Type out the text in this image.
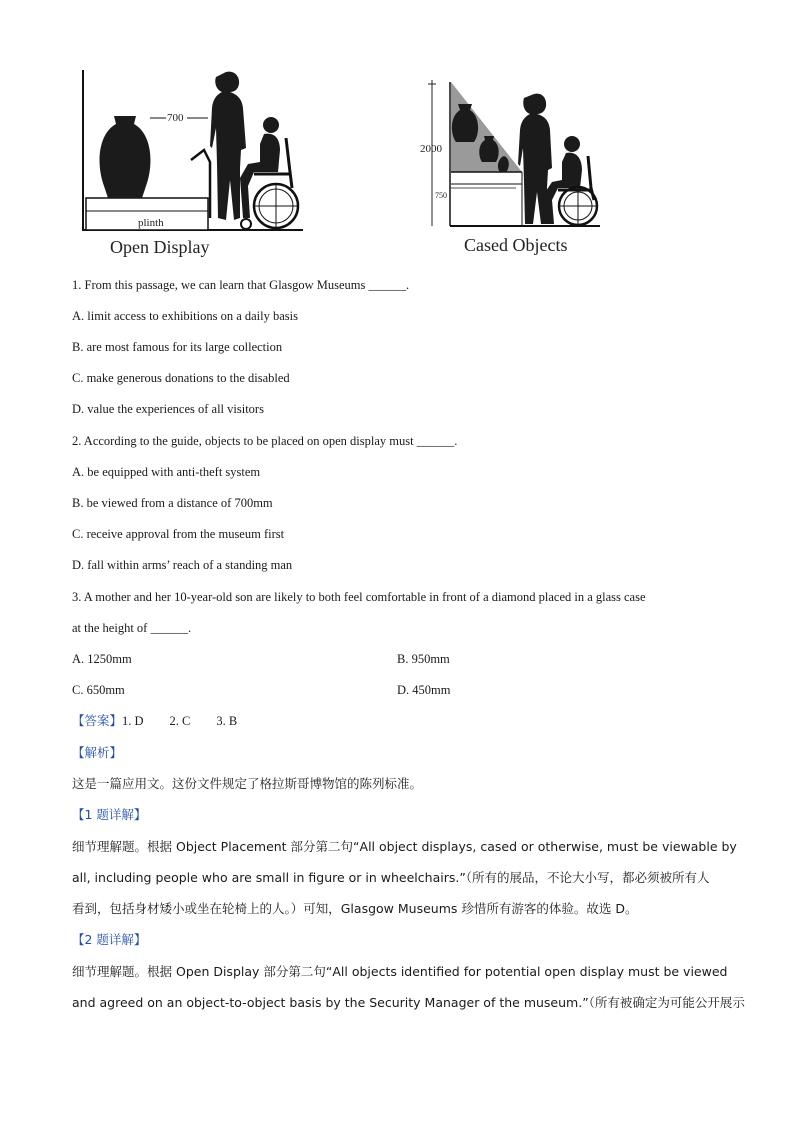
plinth
700
Open Display
2000
750
Cased Objects
1. From this passage, we can learn that Glasgow Museums ______.
A. limit access to exhibitions on a daily basis
B. are most famous for its large collection
C. make generous donations to the disabled
D. value the experiences of all visitors
2. According to the guide, objects to be placed on open display must ______.
A. be equipped with anti-theft system
B. be viewed from a distance of 700mm
C. receive approval from the museum first
D. fall within arms’ reach of a standing man
3. A mother and her 10-year-old son are likely to both feel comfortable in front of a diamond placed in a glass case
at the height of ______.
A. 1250mm	B. 950mm
C. 650mm	D. 450mm
【答案】1. D 2. C 3. B
【解析】
这是一篇应用文。这份文件规定了格拉斯哥博物馆的陈列标准。
【1 题详解】
细节理解题。根据 Object Placement 部分第二句“All object displays, cased or otherwise, must be viewable by
all, including people who are small in figure or in wheelchairs.”（所有的展品，不论大小写，都必须被所有人
看到，包括身材矮小或坐在轮椅上的人。）可知，Glasgow Museums 珍惜所有游客的体验。故选 D。
【2 题详解】
细节理解题。根据 Open Display 部分第二句“All objects identified for potential open display must be viewed
and agreed on an object-to-object basis by the Security Manager of the museum.”（所有被确定为可能公开展示
